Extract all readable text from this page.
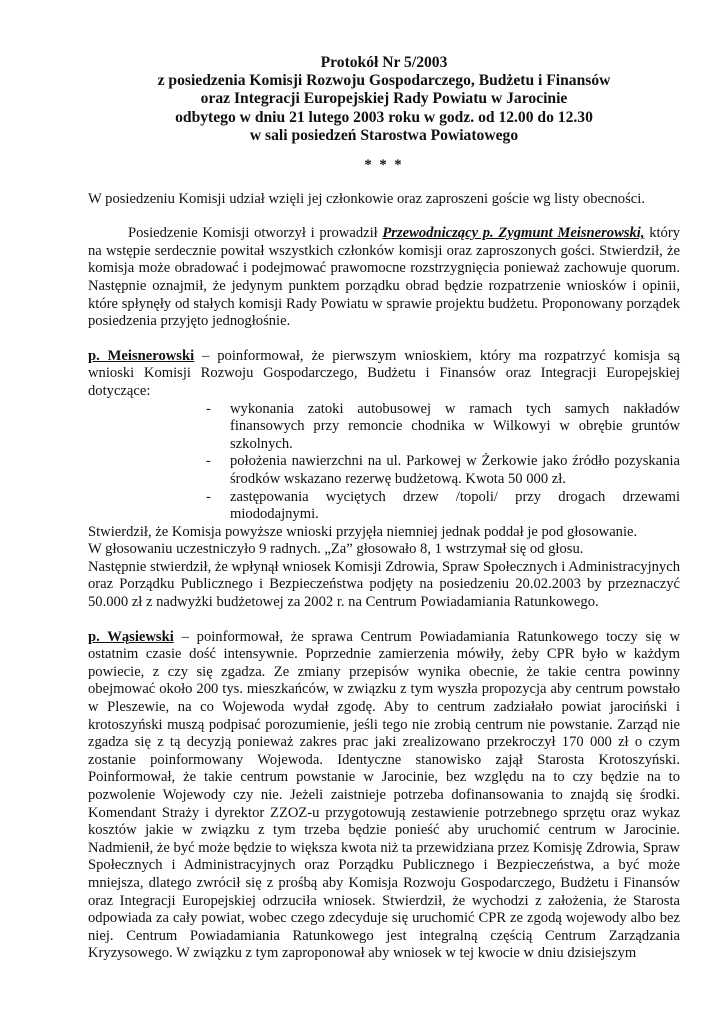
Protokół Nr 5/2003
z posiedzenia Komisji Rozwoju Gospodarczego, Budżetu i Finansów
oraz Integracji Europejskiej Rady Powiatu w Jarocinie
odbytego w dniu 21 lutego 2003 roku w godz. od 12.00 do 12.30
w sali posiedzeń Starostwa Powiatowego
* * *

W posiedzeniu Komisji udział wzięli jej członkowie oraz zaproszeni goście wg listy obecności.

Posiedzenie Komisji otworzył i prowadził Przewodniczący p. Zygmunt Meisnerowski, który na wstępie serdecznie powitał wszystkich członków komisji oraz zaproszonych gości. Stwierdził, że komisja może obradować i podejmować prawomocne rozstrzygnięcia ponieważ zachowuje quorum. Następnie oznajmił, że jedynym punktem porządku obrad będzie rozpatrzenie wniosków i opinii, które spłynęły od stałych komisji Rady Powiatu w sprawie projektu budżetu. Proponowany porządek posiedzenia przyjęto jednogłośnie.

p. Meisnerowski – poinformował, że pierwszym wnioskiem, który ma rozpatrzyć komisja są wnioski Komisji Rozwoju Gospodarczego, Budżetu i Finansów oraz Integracji Europejskiej dotyczące:

- wykonania zatoki autobusowej w ramach tych samych nakładów finansowych przy remoncie chodnika w Wilkowyi w obrębie gruntów szkolnych.
- położenia nawierzchni na ul. Parkowej w Żerkowie jako źródło pozyskania środków wskazano rezerwę budżetową. Kwota 50 000 zł.
- zastępowania wyciętych drzew /topoli/ przy drogach drzewami miododajnymi.

Stwierdził, że Komisja powyższe wnioski przyjęła niemniej jednak poddał je pod głosowanie.

W głosowaniu uczestniczyło 9 radnych. „Za” głosowało 8, 1 wstrzymał się od głosu.

Następnie stwierdził, że wpłynął wniosek Komisji Zdrowia, Spraw Społecznych i Administracyjnych oraz Porządku Publicznego i Bezpieczeństwa podjęty na posiedzeniu 20.02.2003 by przeznaczyć 50.000 zł z nadwyżki budżetowej za 2002 r. na Centrum Powiadamiania Ratunkowego.

p. Wąsiewski – poinformował, że sprawa Centrum Powiadamiania Ratunkowego toczy się w ostatnim czasie dość intensywnie. Poprzednie zamierzenia mówiły, żeby CPR było w każdym powiecie, z czy się zgadza. Ze zmiany przepisów wynika obecnie, że takie centra powinny obejmować około 200 tys. mieszkańców, w związku z tym wyszła propozycja aby centrum powstało w Pleszewie, na co Wojewoda wydał zgodę. Aby to centrum zadziałało powiat jarociński i krotoszyński muszą podpisać porozumienie, jeśli tego nie zrobią centrum nie powstanie. Zarząd nie zgadza się z tą decyzją ponieważ zakres prac jaki zrealizowano przekroczył 170 000 zł o czym zostanie poinformowany Wojewoda. Identyczne stanowisko zajął Starosta Krotoszyński. Poinformował, że takie centrum powstanie w Jarocinie, bez względu na to czy będzie na to pozwolenie Wojewody czy nie. Jeżeli zaistnieje potrzeba dofinansowania to znajdą się środki. Komendant Straży i dyrektor ZZOZ-u przygotowują zestawienie potrzebnego sprzętu oraz wykaz kosztów jakie w związku z tym trzeba będzie ponieść aby uruchomić centrum w Jarocinie. Nadmienił, że być może będzie to większa kwota niż ta przewidziana przez Komisję Zdrowia, Spraw Społecznych i Administracyjnych oraz Porządku Publicznego i Bezpieczeństwa, a być może mniejsza, dlatego zwrócił się z prośbą aby Komisja Rozwoju Gospodarczego, Budżetu i Finansów oraz Integracji Europejskiej odrzuciła wniosek. Stwierdził, że wychodzi z założenia, że Starosta odpowiada za cały powiat, wobec czego zdecyduje się uruchomić CPR ze zgodą wojewody albo bez niej. Centrum Powiadamiania Ratunkowego jest integralną częścią Centrum Zarządzania Kryzysowego. W związku z tym zaproponował aby wniosek w tej kwocie w dniu dzisiejszym
